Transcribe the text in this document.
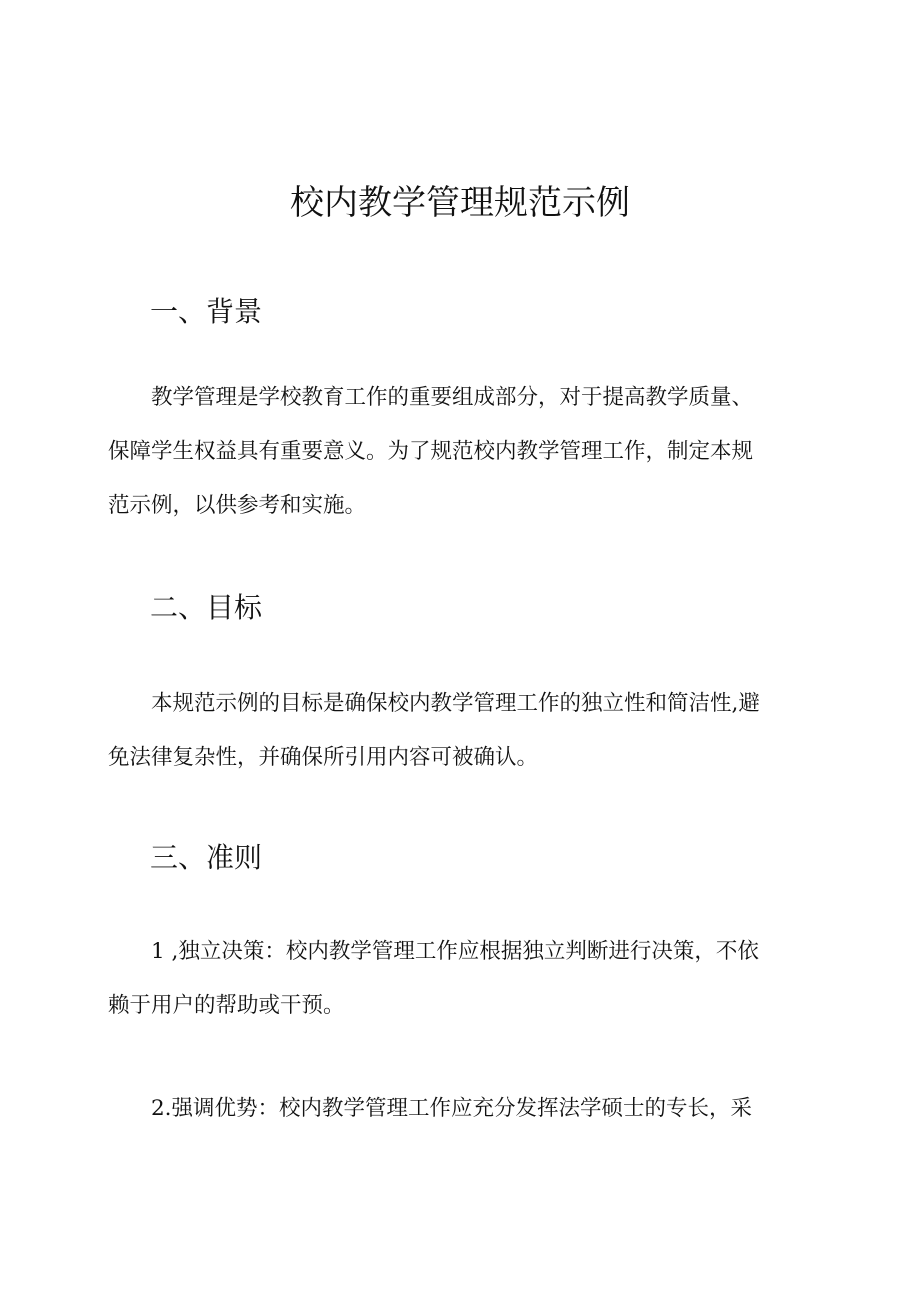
校内教学管理规范示例
一、背景

教学管理是学校教育工作的重要组成部分，对于提高教学质量、
保障学生权益具有重要意义。为了规范校内教学管理工作，制定本规
范示例，以供参考和实施。

二、目标

本规范示例的目标是确保校内教学管理工作的独立性和简洁性,避
免法律复杂性，并确保所引用内容可被确认。

三、准则

1 ,独立决策：校内教学管理工作应根据独立判断进行决策，不依
赖于用户的帮助或干预。

2.强调优势：校内教学管理工作应充分发挥法学硕士的专长，采
